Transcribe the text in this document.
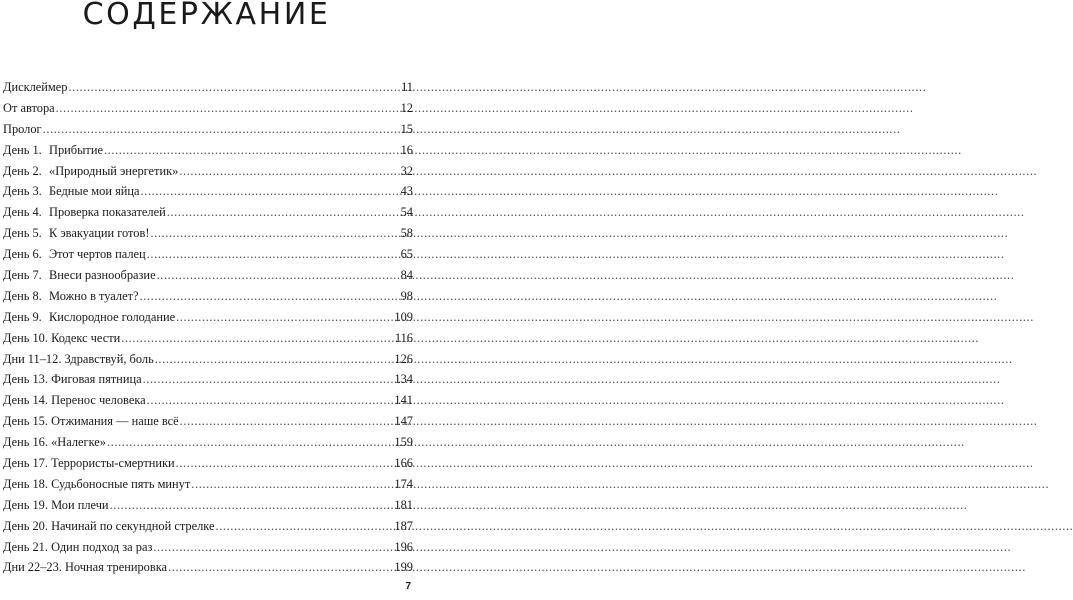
СОДЕРЖАНИЕ
Дисклеймер .....	11
От автора .....	12
Пролог .....	15
День 1. Прибытие .....	16
День 2. «Природный энергетик» .....	32
День 3. Бедные мои яйца .....	43
День 4. Проверка показателей .....	54
День 5. К эвакуации готов! .....	58
День 6. Этот чертов палец .....	65
День 7. Внеси разнообразие .....	84
День 8. Можно в туалет? .....	98
День 9. Кислородное голодание .....	109
День 10. Кодекс чести .....	116
Дни 11–12. Здравствуй, боль .....	126
День 13. Фиговая пятница .....	134
День 14. Перенос человека .....	141
День 15. Отжимания — наше всё .....	147
День 16. «Налегке» .....	159
День 17. Террористы-смертники .....	166
День 18. Судьбоносные пять минут .....	174
День 19. Мои плечи .....	181
День 20. Начинай по секундной стрелке .....	187
День 21. Один подход за раз .....	196
Дни 22–23. Ночная тренировка .....	199
7
